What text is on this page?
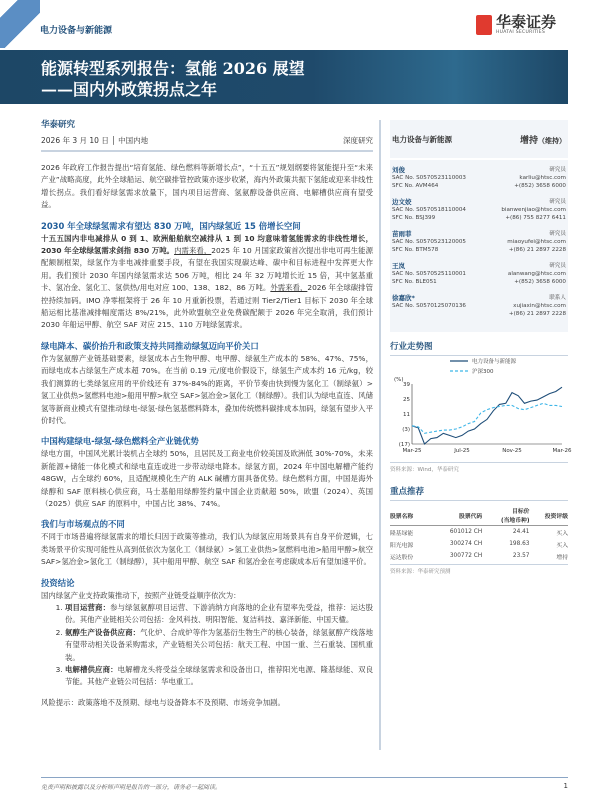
电力设备与新能源	华泰证券
HUATAI SECURITIES
能源转型系列报告：氢能 2026 展望
——国内外政策拐点之年
华泰研究
2026 年 3 月 10 日 │ 中国内地	深度研究

2026 年政府工作报告提出“培育氢能、绿色燃料等新增长点”，“十五五”规划纲要将氢能提升至“未来产业”战略高度，此外全球船运、航空碳排管控政策亦逐步收紧，海内外政策共振下氢能或迎来非线性增长拐点。我们看好绿氢需求放量下，国内项目运营商、氢氨醇设备供应商、电解槽供应商有望受益。

2030 年全球绿氢需求有望达 830 万吨，国内绿氢近 15 倍增长空间

十五五国内非电减排从 0 到 1、欧洲船舶航空减排从 1 到 10 均意味着氢能需求的非线性增长，2030 年全球绿氢需求剑指 830 万吨。内需来看，2025 年 10 月国家政策首次提出非电可再生能源配额制框架，绿氢作为非电减排重要手段，有望在我国实现碳达峰、碳中和目标进程中发挥更大作用。我们预计 2030 年国内绿氢需求达 506 万吨，相比 24 年 32 万吨增长近 15 倍，其中氢基重卡、氢冶金、氢化工、氢供热/用电对应 100、138、182、86 万吨。外需来看，2026 年全球碳排管控持续加码。IMO 净零框架将于 26 年 10 月重新投票，若通过则 Tier2/Tier1 目标下 2030 年全球船运相比基准减排幅度需达 8%/21%，此外欧盟航空业免费碳配额于 2026 年完全取消，我们预计 2030 年船运甲醇、航空 SAF 对应 215、110 万吨绿氢需求。

绿电降本、碳价抬升和政策支持共同推动绿氢迈向平价关口

作为氢氨醇产业链基础要素，绿氢成本占生物甲醇、电甲醇、绿氨生产成本的 58%、47%、75%，而绿电成本占绿氢生产成本超 70%。在当前 0.19 元/度电价假设下，绿氢生产成本约 16 元/kg，较我们测算的七类绿氢应用的平价线还有 37%-84%的距离，平价节奏由快到慢为氢化工（制绿氨）>氢工业供热>氢燃料电池>船用甲醇>航空 SAF>氢冶金>氢化工（制绿醇）。我们认为绿电直连、风储氢等新商业模式有望推动绿电-绿氢-绿色氢基燃料降本，叠加传统燃料碳排成本加码，绿氢有望步入平价时代。

中国构建绿电-绿氢-绿色燃料全产业链优势

绿电方面，中国风光累计装机占全球约 50%，且居民及工商业电价较美国及欧洲低 30%-70%，未来新能源+储能一体化模式和绿电直连或进一步带动绿电降本。绿氢方面，2024 年中国电解槽产能约 48GW，占全球约 60%，且适配规模化生产的 ALK 碱槽方面具备优势。绿色燃料方面，中国是海外绿醇和 SAF 原料核心供应商，马士基船用绿醇签约量中国企业贡献超 50%，欧盟（2024）、英国（2025）供应 SAF 的原料中，中国占比 38%、74%。

我们与市场观点的不同

不同于市场普遍将绿氢需求的增长归因于政策等推动，我们认为绿氢应用场景具有自身平价逻辑，七类场景平价实现可能性从高到低依次为氢化工（制绿氨）>氢工业供热>氢燃料电池>船用甲醇>航空 SAF>氢冶金>氢化工（制绿醇），其中船用甲醇、航空 SAF 和氢冶金在考虑碳成本后有望加速平价。

投资结论
国内绿氢产业支持政策推动下，按照产业链受益顺序依次为：
1. 项目运营商：参与绿氢氨醇项目运营、下游消纳方向落地的企业有望率先受益，推荐：运达股份。其他产业链相关公司包括：金风科技、明阳智能、复洁科技、嘉泽新能、中国天楹。
2. 氨醇生产设备供应商：气化炉、合成炉等作为氢基衍生物生产的核心装备，绿氢氨醇产线落地有望带动相关设备采购需求，产业链相关公司包括：航天工程、中国一重、兰石重装、国机重装。
3. 电解槽供应商：电解槽龙头将受益全球绿氢需求和设备出口，推荐阳光电源、隆基绿能、双良节能。其他产业链公司包括：华电重工。

风险提示：政策落地不及预期、绿电与设备降本不及预期、市场竞争加剧。

电力设备与新能源	增持（维持）
刘俊	研究员
SAC No. S0570523110003	karliu@htsc.com
SFC No. AVM464	+(852) 3658 6000
边文姣	研究员
SAC No. S0570518110004	bianwenjiao@htsc.com
SFC No. BSJ399	+(86) 755 8277 6411
苗雨菲	研究员
SAC No. S0570523120005	miaoyufei@htsc.com
SFC No. BTM578	+(86) 21 2897 2228
王岚	研究员
SAC No. S0570525110001	alanwang@htsc.com
SFC No. BLE051	+(852) 3658 6000
徐嘉欣*	联系人
SAC No. S0570125070136	xujiaxin@htsc.com
+(86) 21 2897 2228
行业走势图
电力设备与新能源
沪深300
(%)
39
25
11
(3)
(17)
Mar-25	Jul-25	Nov-25	Mar-26
资料来源：Wind，华泰研究
重点推荐
股票名称	股票代码	目标价
(当地币种)	投资评级
隆基绿能	601012 CH	24.41	买入
阳光电源	300274 CH	198.63	买入
运达股份	300772 CH	23.57	增持
资料来源：华泰研究预测
免责声明和披露以及分析师声明是报告的一部分，请务必一起阅读。	1
